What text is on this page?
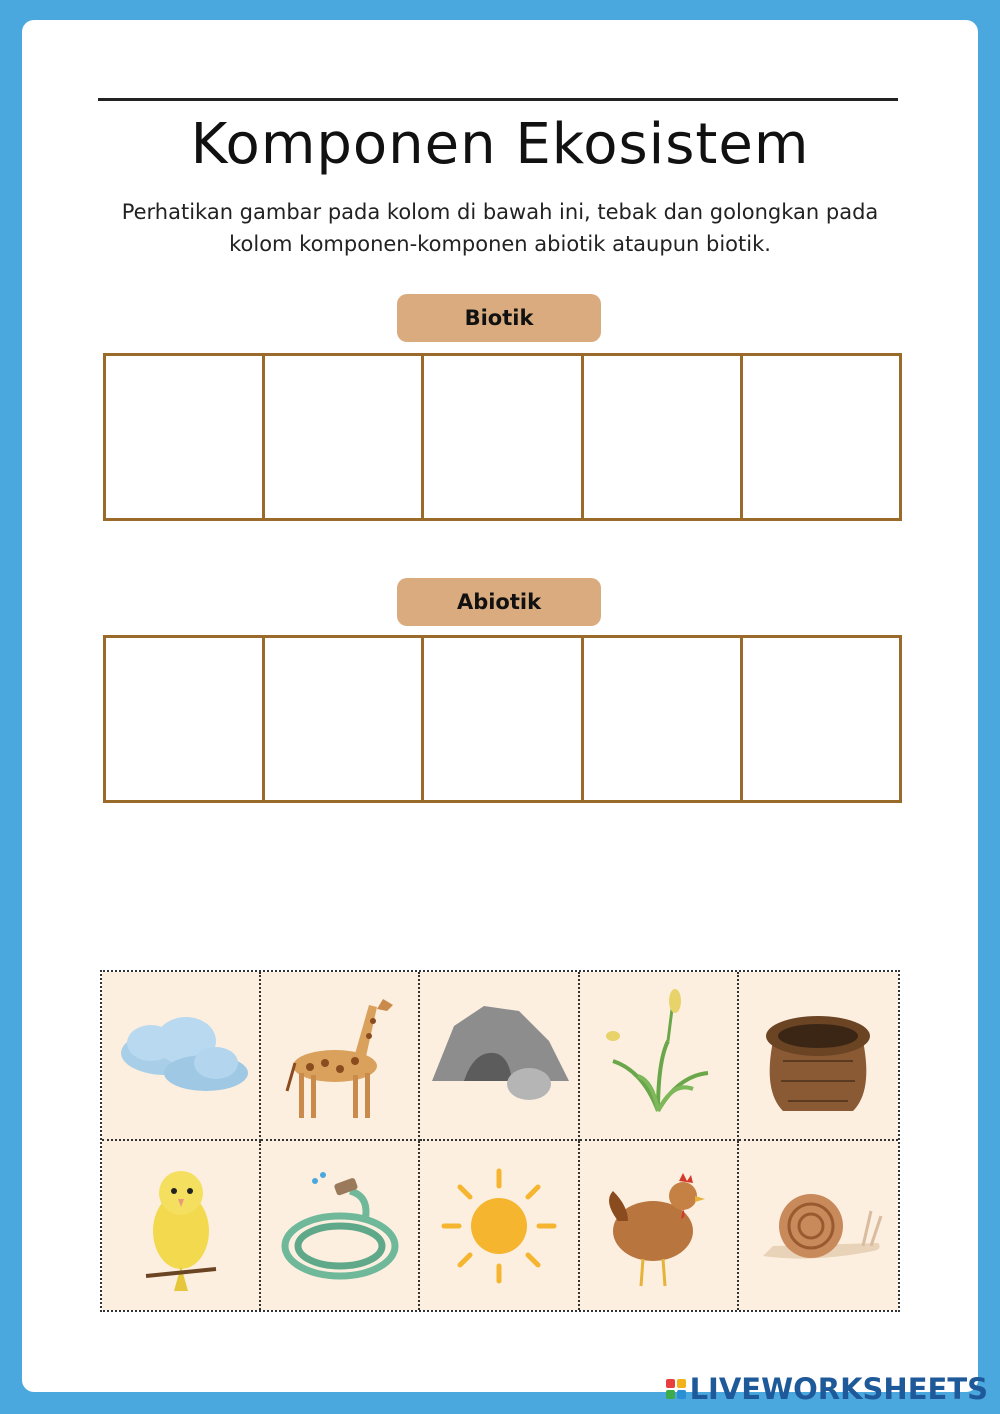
Komponen Ekosistem
Perhatikan gambar pada kolom di bawah ini, tebak dan golongkan pada
kolom komponen-komponen abiotik ataupun biotik.
Biotik
Abiotik
LIVEWORKSHEETS
